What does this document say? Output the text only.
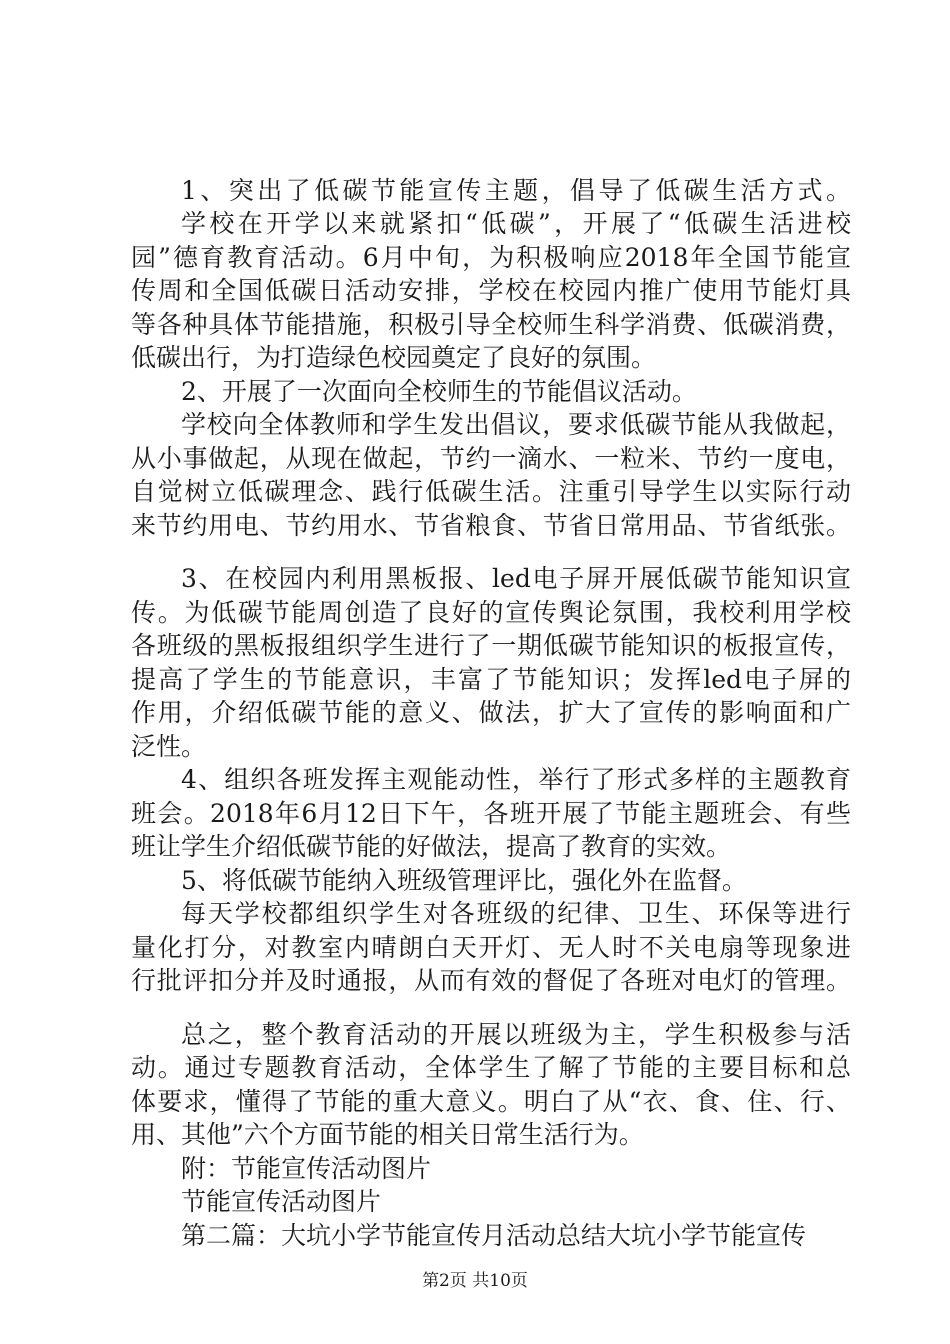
1、突出了低碳节能宣传主题，倡导了低碳生活方式。
学校在开学以来就紧扣“低碳”，开展了“低碳生活进校
园”德育教育活动。6月中旬，为积极响应2018年全国节能宣
传周和全国低碳日活动安排，学校在校园内推广使用节能灯具
等各种具体节能措施，积极引导全校师生科学消费、低碳消费，
低碳出行，为打造绿色校园奠定了良好的氛围。
2、开展了一次面向全校师生的节能倡议活动。
学校向全体教师和学生发出倡议，要求低碳节能从我做起，
从小事做起，从现在做起，节约一滴水、一粒米、节约一度电，
自觉树立低碳理念、践行低碳生活。注重引导学生以实际行动
来节约用电、节约用水、节省粮食、节省日常用品、节省纸张。
3、在校园内利用黑板报、led电子屏开展低碳节能知识宣
传。为低碳节能周创造了良好的宣传舆论氛围，我校利用学校
各班级的黑板报组织学生进行了一期低碳节能知识的板报宣传，
提高了学生的节能意识，丰富了节能知识；发挥led电子屏的
作用，介绍低碳节能的意义、做法，扩大了宣传的影响面和广
泛性。
4、组织各班发挥主观能动性，举行了形式多样的主题教育
班会。2018年6月12日下午，各班开展了节能主题班会、有些
班让学生介绍低碳节能的好做法，提高了教育的实效。
5、将低碳节能纳入班级管理评比，强化外在监督。
每天学校都组织学生对各班级的纪律、卫生、环保等进行
量化打分，对教室内晴朗白天开灯、无人时不关电扇等现象进
行批评扣分并及时通报，从而有效的督促了各班对电灯的管理。
总之，整个教育活动的开展以班级为主，学生积极参与活
动。通过专题教育活动，全体学生了解了节能的主要目标和总
体要求，懂得了节能的重大意义。明白了从“衣、食、住、行、
用、其他”六个方面节能的相关日常生活行为。
附：节能宣传活动图片
节能宣传活动图片
第二篇：大坑小学节能宣传月活动总结大坑小学节能宣传
第2页 共10页
